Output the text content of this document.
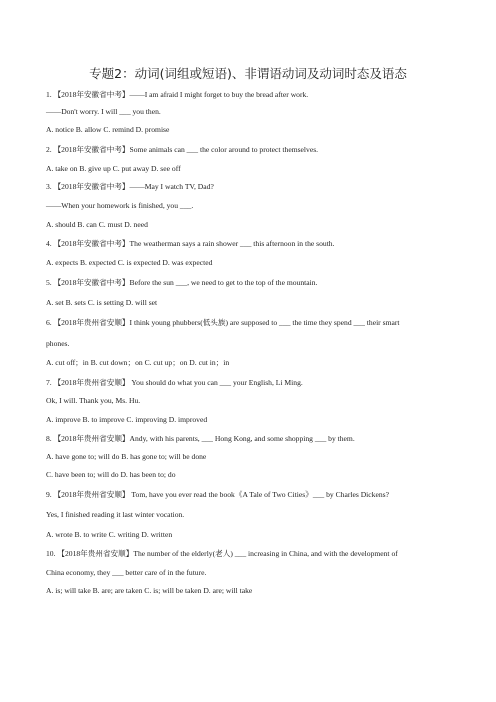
专题2：动词(词组或短语)、非谓语动词及动词时态及语态
1. 【2018年安徽省中考】——I am afraid I might forget to buy the bread after work.
——Don't worry. I will ___ you then.
A. notice B. allow C. remind D. promise
2. 【2018年安徽省中考】Some animals can ___ the color around to protect themselves.
A. take on B. give up C. put away D. see off
3. 【2018年安徽省中考】——May I watch TV, Dad?
——When your homework is finished, you ___.
A. should B. can C. must D. need
4. 【2018年安徽省中考】The weatherman says a rain shower ___ this afternoon in the south.
A. expects B. expected C. is expected D. was expected
5. 【2018年安徽省中考】Before the sun ___, we need to get to the top of the mountain.
A. set B. sets C. is setting D. will set
6. 【2018年贵州省安顺】I think young phubbers(低头族) are supposed to ___ the time they spend ___ their smart
phones.
A. cut off；in B. cut down；on C. cut up；on D. cut in；in
7. 【2018年贵州省安顺】 You should do what you can ___ your English, Li Ming.
Ok, I will. Thank you, Ms. Hu.
A. improve B. to improve C. improving D. improved
8. 【2018年贵州省安顺】Andy, with his parents, ___ Hong Kong, and some shopping ___ by them.
A. have gone to; will do B. has gone to; will be done
C. have been to; will do D. has been to; do
9. 【2018年贵州省安顺】 Tom, have you ever read the book《A Tale of Two Cities》___ by Charles Dickens?
Yes, I finished reading it last winter vocation.
A. wrote B. to write C. writing D. written
10. 【2018年贵州省安顺】The number of the elderly(老人) ___ increasing in China, and with the development of
China economy, they ___ better care of in the future.
A. is; will take B. are; are taken C. is; will be taken D. are; will take
